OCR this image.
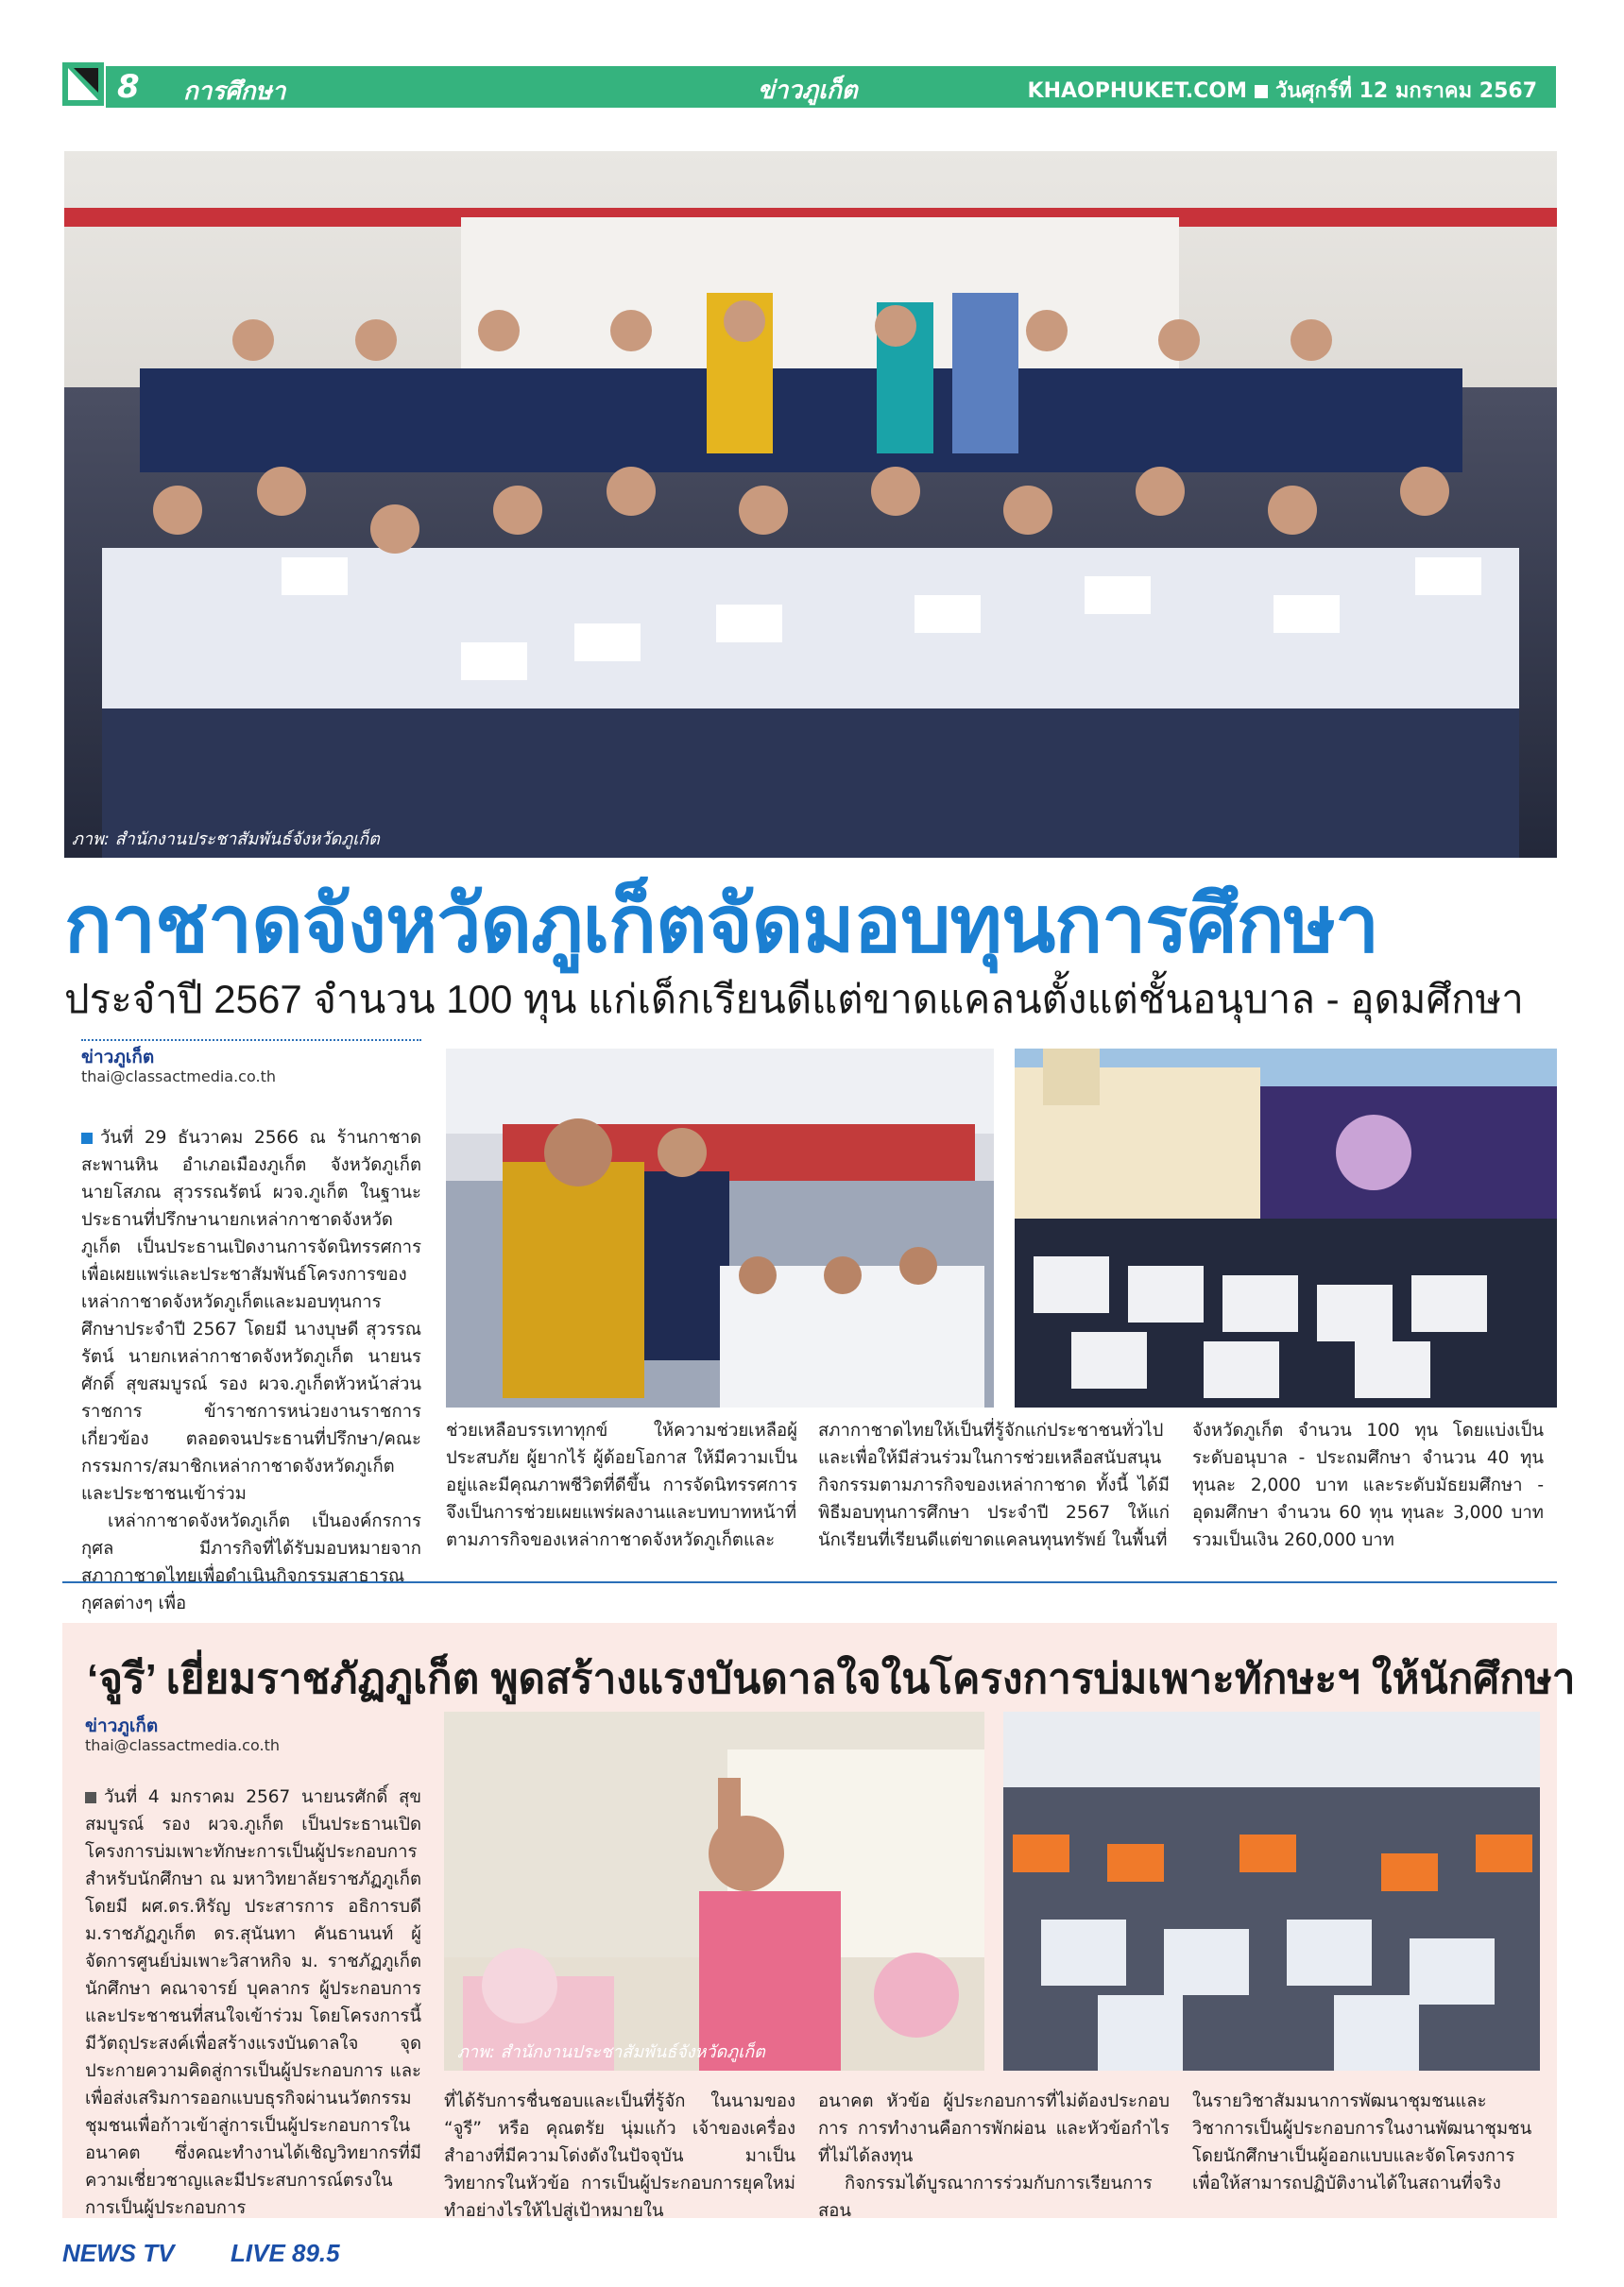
8 การศึกษา	ข่าวภูเก็ต	KHAOPHUKET.COM วันศุกร์ที่ 12 มกราคม 2567
ภาพ: สำนักงานประชาสัมพันธ์จังหวัดภูเก็ต
กาชาดจังหวัดภูเก็ตจัดมอบทุนการศึกษา
ประจำปี 2567 จำนวน 100 ทุน แก่เด็กเรียนดีแต่ขาดแคลนตั้งแต่ชั้นอนุบาล - อุดมศึกษา
ข่าวภูเก็ต
thai@classactmedia.co.th

วันที่ 29 ธันวาคม 2566 ณ ร้านกาชาด สะพานหิน อำเภอเมืองภูเก็ต จังหวัดภูเก็ต นายโสภณ สุวรรณรัตน์ ผวจ.ภูเก็ต ในฐานะประธานที่ปรึกษานายกเหล่ากาชาดจังหวัดภูเก็ต เป็นประธานเปิดงานการจัดนิทรรศการเพื่อเผยแพร่และประชาสัมพันธ์โครงการของเหล่ากาชาดจังหวัดภูเก็ตและมอบทุนการศึกษาประจำปี 2567 โดยมี นางบุษดี สุวรรณรัตน์ นายกเหล่ากาชาดจังหวัดภูเก็ต นายนรศักดิ์ สุขสมบูรณ์ รอง ผวจ.ภูเก็ตหัวหน้าส่วนราชการ ข้าราชการหน่วยงานราชการเกี่ยวข้อง ตลอดจนประธานที่ปรึกษา/คณะกรรมการ/สมาชิกเหล่ากาชาดจังหวัดภูเก็ต และประชาชนเข้าร่วม

เหล่ากาชาดจังหวัดภูเก็ต เป็นองค์กรการกุศล มีภารกิจที่ได้รับมอบหมายจากสภากาชาดไทยเพื่อดำเนินกิจกรรมสาธารณกุศลต่างๆ เพื่อ

ช่วยเหลือบรรเทาทุกข์ ให้ความช่วยเหลือผู้ประสบภัย ผู้ยากไร้ ผู้ด้อยโอกาส ให้มีความเป็นอยู่และมีคุณภาพชีวิตที่ดีขึ้น การจัดนิทรรศการจึงเป็นการช่วยเผยแพร่ผลงานและบทบาทหน้าที่ตามภารกิจของเหล่ากาชาดจังหวัดภูเก็ตและ

สภากาชาดไทยให้เป็นที่รู้จักแก่ประชาชนทั่วไปและเพื่อให้มีส่วนร่วมในการช่วยเหลือสนับสนุนกิจกรรมตามภารกิจของเหล่ากาชาด ทั้งนี้ ได้มีพิธีมอบทุนการศึกษา ประจำปี 2567 ให้แก่นักเรียนที่เรียนดีแต่ขาดแคลนทุนทรัพย์ ในพื้นที่

จังหวัดภูเก็ต จำนวน 100 ทุน โดยแบ่งเป็นระดับอนุบาล - ประถมศึกษา จำนวน 40 ทุน ทุนละ 2,000 บาท และระดับมัธยมศึกษา - อุดมศึกษา จำนวน 60 ทุน ทุนละ 3,000 บาท รวมเป็นเงิน 260,000 บาท

‘จูรี’ เยี่ยมราชภัฏภูเก็ต พูดสร้างแรงบันดาลใจในโครงการบ่มเพาะทักษะฯ ให้นักศึกษา
ข่าวภูเก็ต
thai@classactmedia.co.th
ภาพ: สำนักงานประชาสัมพันธ์จังหวัดภูเก็ต

วันที่ 4 มกราคม 2567 นายนรศักดิ์ สุขสมบูรณ์ รอง ผวจ.ภูเก็ต เป็นประธานเปิดโครงการบ่มเพาะทักษะการเป็นผู้ประกอบการสำหรับนักศึกษา ณ มหาวิทยาลัยราชภัฏภูเก็ต โดยมี ผศ.ดร.หิรัญ ประสารการ อธิการบดี ม.ราชภัฏภูเก็ต ดร.สุนันทา คันธานนท์ ผู้จัดการศูนย์บ่มเพาะวิสาหกิจ ม. ราชภัฏภูเก็ต นักศึกษา คณาจารย์ บุคลากร ผู้ประกอบการ และประชาชนที่สนใจเข้าร่วม โดยโครงการนี้ มีวัตถุประสงค์เพื่อสร้างแรงบันดาลใจ จุดประกายความคิดสู่การเป็นผู้ประกอบการ และเพื่อส่งเสริมการออกแบบธุรกิจผ่านนวัตกรรมชุมชนเพื่อก้าวเข้าสู่การเป็นผู้ประกอบการในอนาคต ซึ่งคณะทำงานได้เชิญวิทยากรที่มีความเชี่ยวชาญและมีประสบการณ์ตรงในการเป็นผู้ประกอบการ

ที่ได้รับการชื่นชอบและเป็นที่รู้จัก ในนามของ “จูรี” หรือ คุณตรัย นุ่มแก้ว เจ้าของเครื่องสำอางที่มีความโด่งดังในปัจจุบัน มาเป็นวิทยากรในหัวข้อ การเป็นผู้ประกอบการยุคใหม่ ทำอย่างไรให้ไปสู่เป้าหมายใน

อนาคต หัวข้อ ผู้ประกอบการที่ไม่ต้องประกอบการ การทำงานคือการพักผ่อน และหัวข้อกำไรที่ไม่ได้ลงทุน

กิจกรรมได้บูรณาการร่วมกับการเรียนการสอน

ในรายวิชาสัมมนาการพัฒนาชุมชนและวิชาการเป็นผู้ประกอบการในงานพัฒนาชุมชน โดยนักศึกษาเป็นผู้ออกแบบและจัดโครงการเพื่อให้สามารถปฏิบัติงานได้ในสถานที่จริง

NEWS TV LIVE 89.5
